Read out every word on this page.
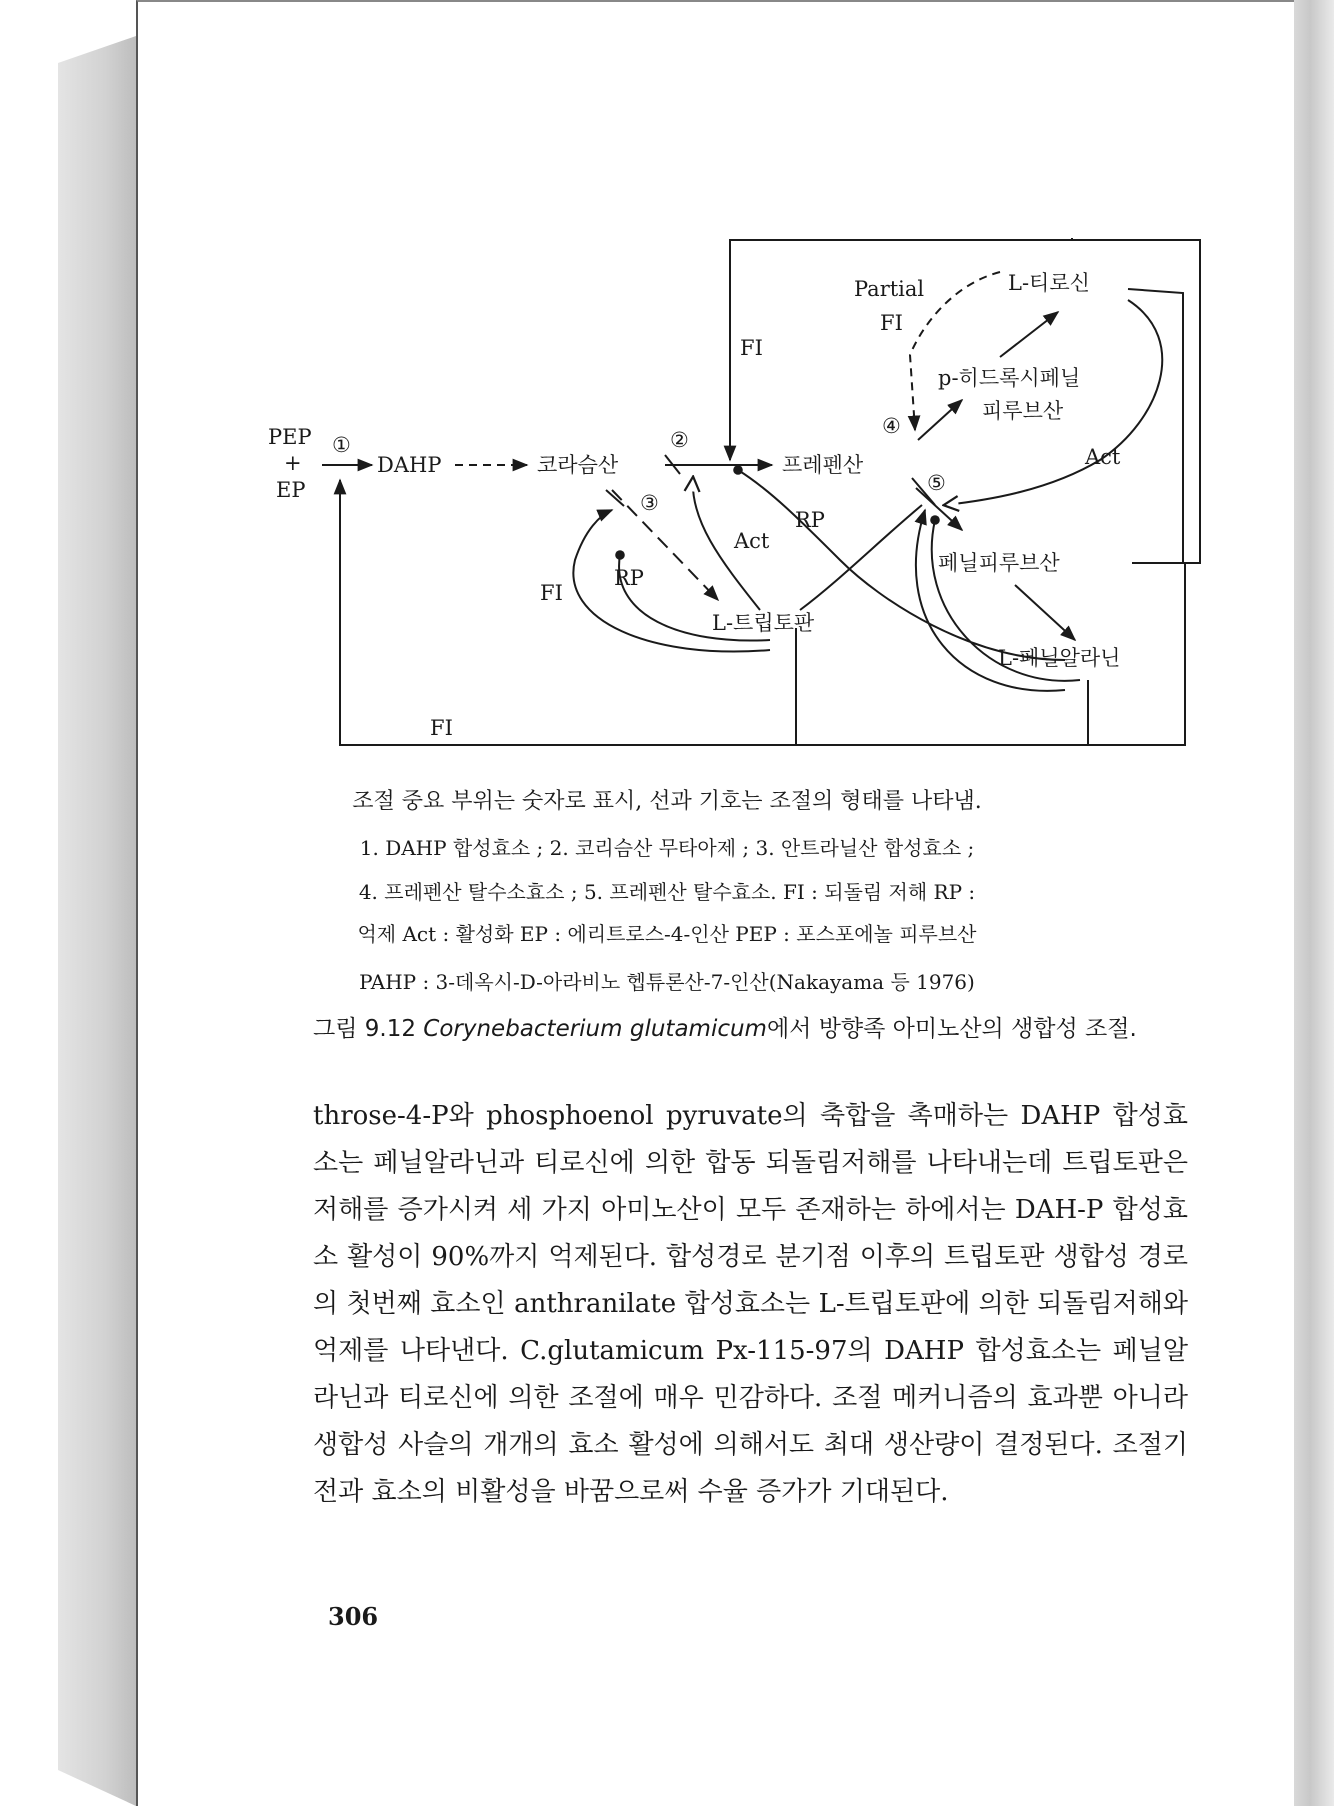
PEP
+
EP
①
DAHP	코라슴산
②
프레펜산
③
L-트립토판
④
p-히드록시페닐
피루브산
L-티로신
Partial
FI
⑤
페닐피루브산
L-페닐알라닌
FI
FI
RP
Act
RP
Act
FI
조절 중요 부위는 숫자로 표시, 선과 기호는 조절의 형태를 나타냄.
1. DAHP 합성효소 ; 2. 코리슴산 무타아제 ; 3. 안트라닐산 합성효소 ;
4. 프레펜산 탈수소효소 ; 5. 프레펜산 탈수효소. FI : 되돌림 저해 RP :
억제 Act : 활성화 EP : 에리트로스-4-인산 PEP : 포스포에놀 피루브산
PAHP : 3-데옥시-D-아라비노 헵튜론산-7-인산(Nakayama 등 1976)
그림 9.12 Corynebacterium glutamicum에서 방향족 아미노산의 생합성 조절.

throse-4-P와 phosphoenol pyruvate의 축합을 촉매하는 DAHP 합성효소는 페닐알라닌과 티로신에 의한 합동 되돌림저해를 나타내는데 트립토판은 저해를 증가시켜 세 가지 아미노산이 모두 존재하는 하에서는 DAH-P 합성효소 활성이 90%까지 억제된다. 합성경로 분기점 이후의 트립토판 생합성 경로의 첫번째 효소인 anthranilate 합성효소는 L-트립토판에 의한 되돌림저해와 억제를 나타낸다. C.glutamicum Px-115-97의 DAHP 합성효소는 페닐알라닌과 티로신에 의한 조절에 매우 민감하다. 조절 메커니즘의 효과뿐 아니라 생합성 사슬의 개개의 효소 활성에 의해서도 최대 생산량이 결정된다. 조절기전과 효소의 비활성을 바꿈으로써 수율 증가가 기대된다.

306
